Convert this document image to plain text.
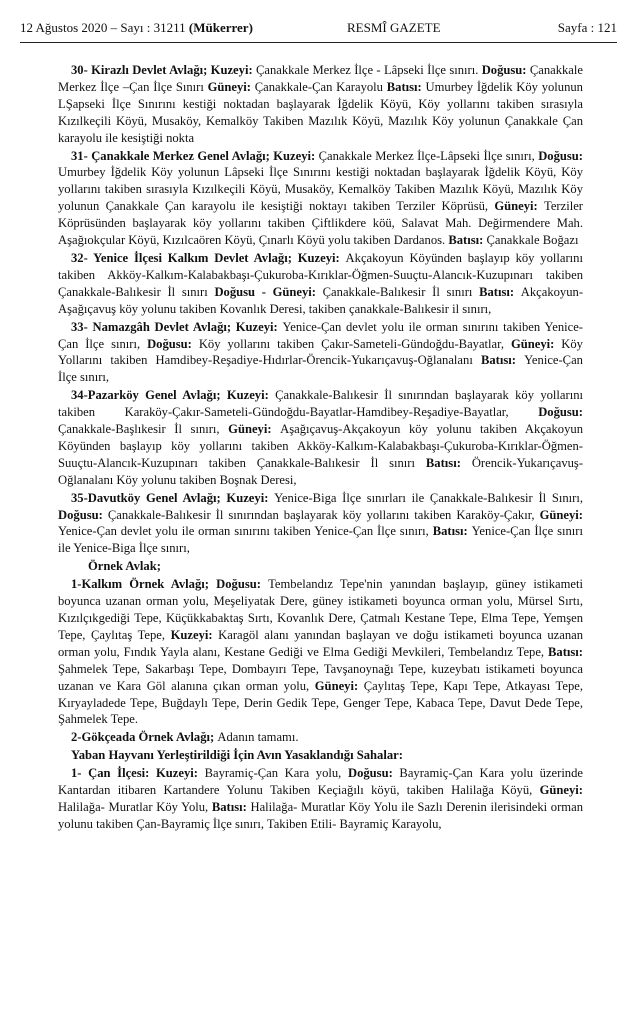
12 Ağustos 2020 – Sayı : 31211 (Mükerrer)	RESMÎ GAZETE	Sayfa : 121

30- Kirazlı Devlet Avlağı; Kuzeyi: Çanakkale Merkez İlçe - Lâpseki İlçe sınırı. Doğusu: Çanakkale Merkez İlçe –Çan İlçe Sınırı Güneyi: Çanakkale-Çan Karayolu Batısı: Umurbey İğdelik Köy yolunun LŞapseki İlçe Sınırını kestiği noktadan başlayarak İğdelik Köyü, Köy yollarını takiben sırasıyla Kızılkeçili Köyü, Musaköy, Kemalköy Takiben Mazılık Köyü, Mazılık Köy yolunun Çanakkale Çan karayolu ile kesiştiği nokta

31- Çanakkale Merkez Genel Avlağı; Kuzeyi: Çanakkale Merkez İlçe-Lâpseki İlçe sınırı, Doğusu: Umurbey İğdelik Köy yolunun Lâpseki İlçe Sınırını kestiği noktadan başlayarak İğdelik Köyü, Köy yollarını takiben sırasıyla Kızılkeçili Köyü, Musaköy, Kemalköy Takiben Mazılık Köyü, Mazılık Köy yolunun Çanakkale Çan karayolu ile kesiştiği noktayı takiben Terziler Köprüsü, Güneyi: Terziler Köprüsünden başlayarak köy yollarını takiben Çiftlikdere köü, Salavat Mah. Değirmendere Mah. Aşağıokçular Köyü, Kızılcaören Köyü, Çınarlı Köyü yolu takiben Dardanos. Batısı: Çanakkale Boğazı

32- Yenice İlçesi Kalkım Devlet Avlağı; Kuzeyi: Akçakoyun Köyünden başlayıp köy yollarını takiben Akköy-Kalkım-Kalabakbaşı-Çukuroba-Kırıklar-Öğmen-Suuçtu-Alancık-Kuzupınarı takiben Çanakkale-Balıkesir İl sınırı Doğusu - Güneyi: Çanakkale-Balıkesir İl sınırı Batısı: Akçakoyun-Aşağıçavuş köy yolunu takiben Kovanlık Deresi, takiben çanakkale-Balıkesir il sınırı,

33- Namazgâh Devlet Avlağı; Kuzeyi: Yenice-Çan devlet yolu ile orman sınırını takiben Yenice-Çan İlçe sınırı, Doğusu: Köy yollarını takiben Çakır-Sameteli-Gündoğdu-Bayatlar, Güneyi: Köy Yollarını takiben Hamdibey-Reşadiye-Hıdırlar-Örencik-Yukarıçavuş-Oğlanalanı Batısı: Yenice-Çan İlçe sınırı,

34-Pazarköy Genel Avlağı; Kuzeyi: Çanakkale-Balıkesir İl sınırından başlayarak köy yollarını takiben Karaköy-Çakır-Sameteli-Gündoğdu-Bayatlar-Hamdibey-Reşadiye-Bayatlar, Doğusu: Çanakkale-Başlıkesir İl sınırı, Güneyi: Aşağıçavuş-Akçakoyun köy yolunu takiben Akçakoyun Köyünden başlayıp köy yollarını takiben Akköy-Kalkım-Kalabakbaşı-Çukuroba-Kırıklar-Öğmen-Suuçtu-Alancık-Kuzupınarı takiben Çanakkale-Balıkesir İl sınırı Batısı: Örencik-Yukarıçavuş-Oğlanalanı Köy yolunu takiben Boşnak Deresi,

35-Davutköy Genel Avlağı; Kuzeyi: Yenice-Biga İlçe sınırları ile Çanakkale-Balıkesir İl Sınırı, Doğusu: Çanakkale-Balıkesir İl sınırından başlayarak köy yollarını takiben Karaköy-Çakır, Güneyi: Yenice-Çan devlet yolu ile orman sınırını takiben Yenice-Çan İlçe sınırı, Batısı: Yenice-Çan İlçe sınırı ile Yenice-Biga İlçe sınırı,

Örnek Avlak;

1-Kalkım Örnek Avlağı; Doğusu: Tembelandız Tepe'nin yanından başlayıp, güney istikameti boyunca uzanan orman yolu, Meşeliyatak Dere, güney istikameti boyunca orman yolu, Mürsel Sırtı, Kızılçıkgediği Tepe, Küçükkabaktaş Sırtı, Kovanlık Dere, Çatmalı Kestane Tepe, Elma Tepe, Yemşen Tepe, Çaylıtaş Tepe, Kuzeyi: Karagöl alanı yanından başlayan ve doğu istikameti boyunca uzanan orman yolu, Fındık Yayla alanı, Kestane Gediği ve Elma Gediği Mevkileri, Tembelandız Tepe, Batısı: Şahmelek Tepe, Sakarbaşı Tepe, Dombayırı Tepe, Tavşanoynağı Tepe, kuzeybatı istikameti boyunca uzanan ve Kara Göl alanına çıkan orman yolu, Güneyi: Çaylıtaş Tepe, Kapı Tepe, Atkayası Tepe, Kıryayladede Tepe, Buğdaylı Tepe, Derin Gedik Tepe, Genger Tepe, Kabaca Tepe, Davut Dede Tepe, Şahmelek Tepe.

2-Gökçeada Örnek Avlağı; Adanın tamamı.

Yaban Hayvanı Yerleştirildiği İçin Avın Yasaklandığı Sahalar:

1- Çan İlçesi: Kuzeyi: Bayramiç-Çan Kara yolu, Doğusu: Bayramiç-Çan Kara yolu üzerinde Kantardan itibaren Kartandere Yolunu Takiben Keçiağılı köyü, takiben Halilağa Köyü, Güneyi: Halilağa- Muratlar Köy Yolu, Batısı: Halilağa- Muratlar Köy Yolu ile Sazlı Derenin ilerisindeki orman yolunu takiben Çan-Bayramiç İlçe sınırı, Takiben Etili- Bayramiç Karayolu,
